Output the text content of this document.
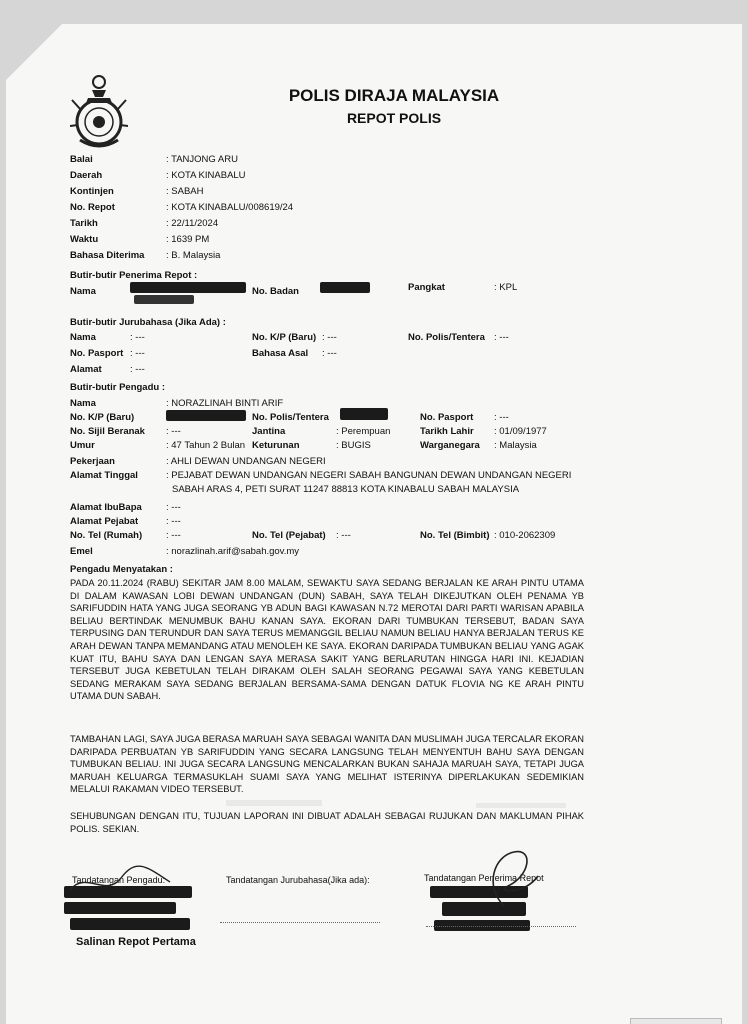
POLIS DIRAJA MALAYSIA
REPOT POLIS
Balai	: TANJONG ARU
Daerah	: KOTA KINABALU
Kontinjen	: SABAH
No. Repot	: KOTA KINABALU/008619/24
Tarikh	: 22/11/2024
Waktu	: 1639 PM
Bahasa Diterima : B. Malaysia
Butir-butir Penerima Repot :
Nama	No. Badan	Pangkat	: KPL
Butir-butir Jurubahasa (Jika Ada) :
Nama	: ---	No. K/P (Baru) : ---	No. Polis/Tentera : ---
No. Pasport : ---	Bahasa Asal : ---
Alamat	: ---
Butir-butir Pengadu :
Nama	: NORAZLINAH BINTI ARIF
No. K/P (Baru)	No. Polis/Tentera	No. Pasport : ---
No. Sijil Beranak : ---	Jantina	: Perempuan	Tarikh Lahir : 01/09/1977
Umur	: 47 Tahun 2 Bulan Keturunan	: BUGIS	Warganegara : Malaysia
Pekerjaan	: AHLI DEWAN UNDANGAN NEGERI
Alamat Tinggal	: PEJABAT DEWAN UNDANGAN NEGERI SABAH BANGUNAN DEWAN UNDANGAN NEGERI
SABAH ARAS 4, PETI SURAT 11247 88813 KOTA KINABALU SABAH MALAYSIA
Alamat IbuBapa	: ---
Alamat Pejabat	: ---
No. Tel (Rumah)	: ---	No. Tel (Pejabat) : ---	No. Tel (Bimbit) : 010-2062309
Emel	: norazlinah.arif@sabah.gov.my
Pengadu Menyatakan :
PADA 20.11.2024 (RABU) SEKITAR JAM 8.00 MALAM, SEWAKTU SAYA SEDANG BERJALAN KE ARAH PINTU UTAMA DI DALAM KAWASAN LOBI DEWAN UNDANGAN (DUN) SABAH, SAYA TELAH DIKEJUTKAN OLEH PENAMA YB SARIFUDDIN HATA YANG JUGA SEORANG YB ADUN BAGI KAWASAN N.72 MEROTAI DARI PARTI WARISAN APABILA BELIAU BERTINDAK MENUMBUK BAHU KANAN SAYA. EKORAN DARI TUMBUKAN TERSEBUT, BADAN SAYA TERPUSING DAN TERUNDUR DAN SAYA TERUS MEMANGGIL BELIAU NAMUN BELIAU HANYA BERJALAN TERUS KE ARAH DEWAN TANPA MEMANDANG ATAU MENOLEH KE SAYA. EKORAN DARIPADA TUMBUKAN BELIAU YANG AGAK KUAT ITU, BAHU SAYA DAN LENGAN SAYA MERASA SAKIT YANG BERLARUTAN HINGGA HARI INI. KEJADIAN TERSEBUT JUGA KEBETULAN TELAH DIRAKAM OLEH SALAH SEORANG PEGAWAI SAYA YANG KEBETULAN SEDANG MERAKAM SAYA SEDANG BERJALAN BERSAMA-SAMA DENGAN DATUK FLOVIA NG KE ARAH PINTU UTAMA DUN SABAH.
TAMBAHAN LAGI, SAYA JUGA BERASA MARUAH SAYA SEBAGAI WANITA DAN MUSLIMAH JUGA TERCALAR EKORAN DARIPADA PERBUATAN YB SARIFUDDIN YANG SECARA LANGSUNG TELAH MENYENTUH BAHU SAYA DENGAN TUMBUKAN BELIAU. INI JUGA SECARA LANGSUNG MENCALARKAN BUKAN SAHAJA MARUAH SAYA, TETAPI JUGA MARUAH KELUARGA TERMASUKLAH SUAMI SAYA YANG MELIHAT ISTERINYA DIPERLAKUKAN SEDEMIKIAN MELALUI RAKAMAN VIDEO TERSEBUT.
SEHUBUNGAN DENGAN ITU, TUJUAN LAPORAN INI DIBUAT ADALAH SEBAGAI RUJUKAN DAN MAKLUMAN PIHAK POLIS. SEKIAN.
Tandatangan Pengadu:	Tandatangan Jurubahasa(Jika ada):	Tandatangan Penerima Repot
Salinan Repot Pertama
